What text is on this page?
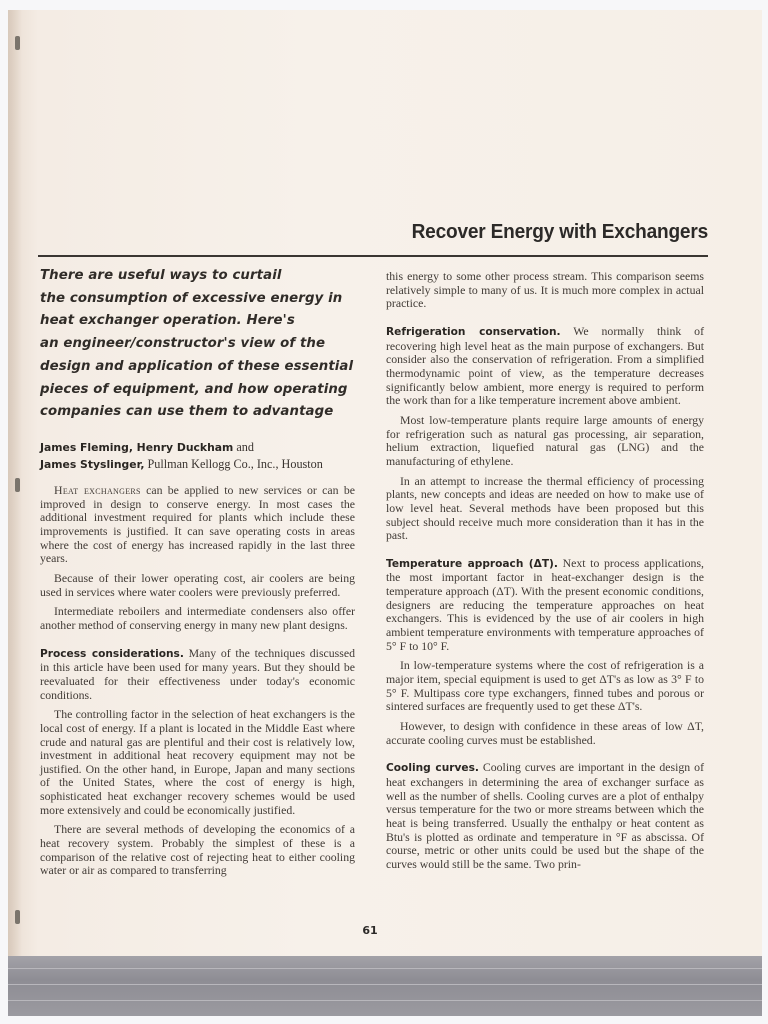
Recover Energy with Exchangers
There are useful ways to curtail
the consumption of excessive energy in
heat exchanger operation. Here's
an engineer/constructor's view of the
design and application of these essential
pieces of equipment, and how operating
companies can use them to advantage
James Fleming, Henry Duckham and
James Styslinger, Pullman Kellogg Co., Inc., Houston

Heat exchangers can be applied to new services or can be improved in design to conserve energy. In most cases the additional investment required for plants which include these improvements is justified. It can save operating costs in areas where the cost of energy has increased rapidly in the last three years.

Because of their lower operating cost, air coolers are being used in services where water coolers were previously preferred.

Intermediate reboilers and intermediate condensers also offer another method of conserving energy in many new plant designs.

Process considerations. Many of the techniques discussed in this article have been used for many years. But they should be reevaluated for their effectiveness under today's economic conditions.

The controlling factor in the selection of heat exchangers is the local cost of energy. If a plant is located in the Middle East where crude and natural gas are plentiful and their cost is relatively low, investment in additional heat recovery equipment may not be justified. On the other hand, in Europe, Japan and many sections of the United States, where the cost of energy is high, sophisticated heat exchanger recovery schemes would be used more extensively and could be economically justified.

There are several methods of developing the economics of a heat recovery system. Probably the simplest of these is a comparison of the relative cost of rejecting heat to either cooling water or air as compared to transferring

this energy to some other process stream. This comparison seems relatively simple to many of us. It is much more complex in actual practice.

Refrigeration conservation. We normally think of recovering high level heat as the main purpose of exchangers. But consider also the conservation of refrigeration. From a simplified thermodynamic point of view, as the temperature decreases significantly below ambient, more energy is required to perform the work than for a like temperature increment above ambient.

Most low-temperature plants require large amounts of energy for refrigeration such as natural gas processing, air separation, helium extraction, liquefied natural gas (LNG) and the manufacturing of ethylene.

In an attempt to increase the thermal efficiency of processing plants, new concepts and ideas are needed on how to make use of low level heat. Several methods have been proposed but this subject should receive much more consideration than it has in the past.

Temperature approach (ΔT). Next to process applications, the most important factor in heat-exchanger design is the temperature approach (ΔT). With the present economic conditions, designers are reducing the temperature approaches on heat exchangers. This is evidenced by the use of air coolers in high ambient temperature environments with temperature approaches of 5° F to 10° F.

In low-temperature systems where the cost of refrigeration is a major item, special equipment is used to get ΔT's as low as 3° F to 5° F. Multipass core type exchangers, finned tubes and porous or sintered surfaces are frequently used to get these ΔT's.

However, to design with confidence in these areas of low ΔT, accurate cooling curves must be established.

Cooling curves. Cooling curves are important in the design of heat exchangers in determining the area of exchanger surface as well as the number of shells. Cooling curves are a plot of enthalpy versus temperature for the two or more streams between which the heat is being transferred. Usually the enthalpy or heat content as Btu's is plotted as ordinate and temperature in °F as abscissa. Of course, metric or other units could be used but the shape of the curves would still be the same. Two prin-

61
